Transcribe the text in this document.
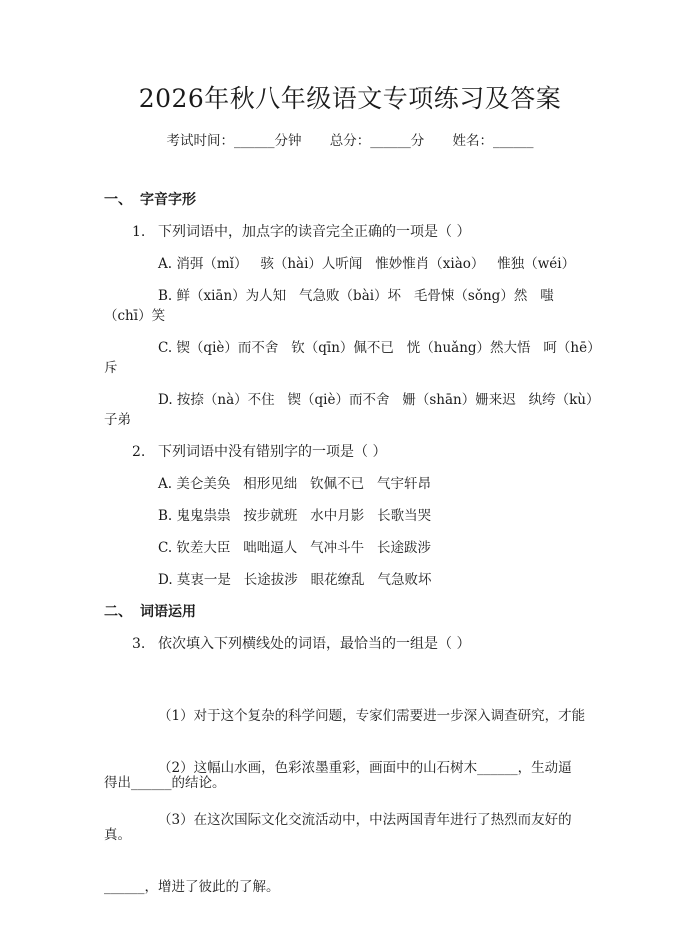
2026年秋八年级语文专项练习及答案
考试时间：______分钟 总分：______分 姓名：______
一、 字音字形
1. 下列词语中，加点字的读音完全正确的一项是（ ）
A. 消弭（mǐ）   骇（hài）人听闻   惟妙惟肖（xiào）   惟独（wéi）
B. 鲜（xiān）为人知   气急败（bài）坏   毛骨悚（sǒng）然   嗤
（chī）笑
C. 锲（qiè）而不舍   钦（qīn）佩不已   恍（huǎng）然大悟   呵（hē）
斥
D. 按捺（nà）不住   锲（qiè）而不舍   姗（shān）姗来迟   纨绔（kù）
子弟
2. 下列词语中没有错别字的一项是（ ）
A. 美仑美奂   相形见绌   钦佩不已   气宇轩昂
B. 鬼鬼祟祟   按步就班   水中月影   长歌当哭
C. 钦差大臣   咄咄逼人   气冲斗牛   长途跋涉
D. 莫衷一是   长途拔涉   眼花缭乱   气急败坏
二、 词语运用
3. 依次填入下列横线处的词语，最恰当的一组是（ ）

（1）对于这个复杂的科学问题，专家们需要进一步深入调查研究，才能

得出______的结论。

（2）这幅山水画，色彩浓墨重彩，画面中的山石树木______，生动逼

真。

（3）在这次国际文化交流活动中，中法两国青年进行了热烈而友好的

______，增进了彼此的了解。
